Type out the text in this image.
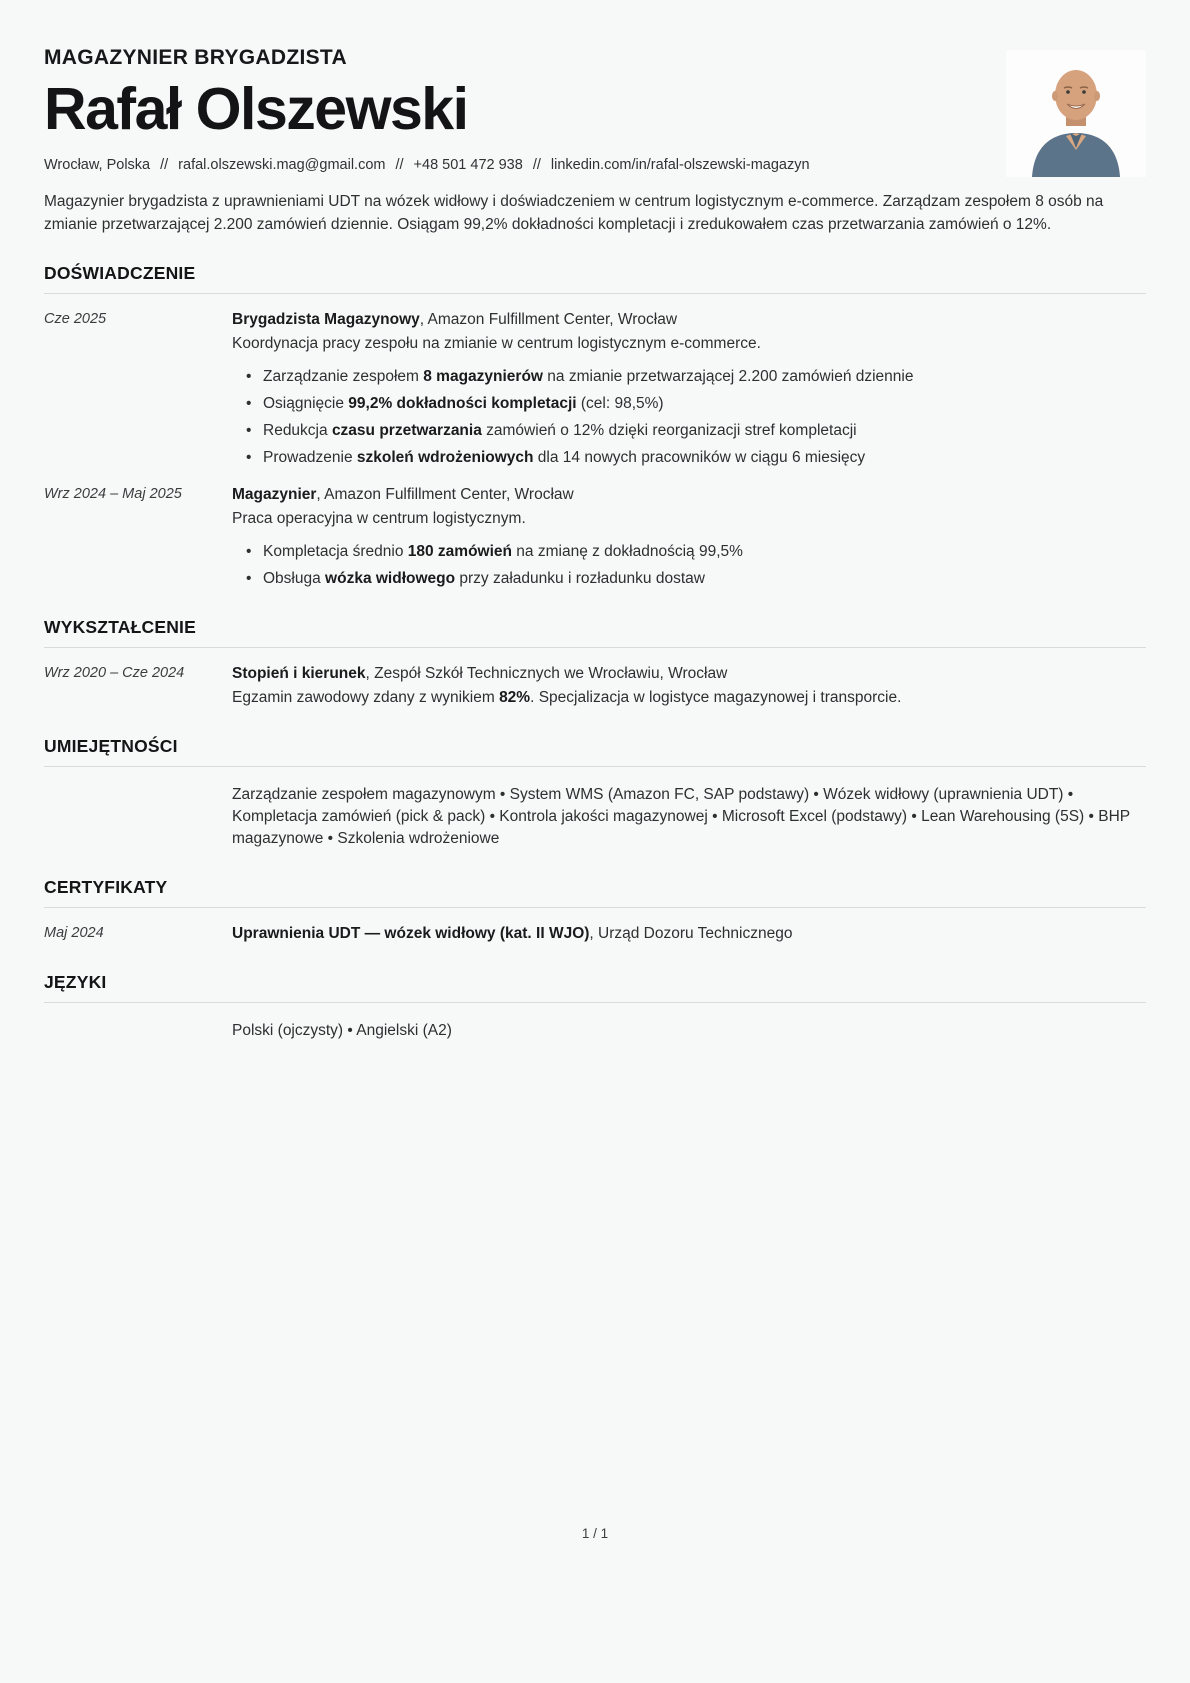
MAGAZYNIER BRYGADZISTA
Rafał Olszewski
Wrocław, Polska // rafal.olszewski.mag@gmail.com // +48 501 472 938 // linkedin.com/in/rafal-olszewski-magazyn

Magazynier brygadzista z uprawnieniami UDT na wózek widłowy i doświadczeniem w centrum logistycznym e-commerce. Zarządzam zespołem 8 osób na zmianie przetwarzającej 2.200 zamówień dziennie. Osiągam 99,2% dokładności kompletacji i zredukowałem czas przetwarzania zamówień o 12%.

DOŚWIADCZENIE
Cze 2025	Brygadzista Magazynowy, Amazon Fulfillment Center, Wrocław

Koordynacja pracy zespołu na zmianie w centrum logistycznym e-commerce.

• Zarządzanie zespołem 8 magazynierów na zmianie przetwarzającej 2.200 zamówień dziennie
• Osiągnięcie 99,2% dokładności kompletacji (cel: 98,5%)
• Redukcja czasu przetwarzania zamówień o 12% dzięki reorganizacji stref kompletacji
• Prowadzenie szkoleń wdrożeniowych dla 14 nowych pracowników w ciągu 6 miesięcy
Wrz 2024 – Maj 2025	Magazynier, Amazon Fulfillment Center, Wrocław

Praca operacyjna w centrum logistycznym.

• Kompletacja średnio 180 zamówień na zmianę z dokładnością 99,5%
• Obsługa wózka widłowego przy załadunku i rozładunku dostaw
WYKSZTAŁCENIE
Wrz 2020 – Cze 2024	Stopień i kierunek, Zespół Szkół Technicznych we Wrocławiu, Wrocław

Egzamin zawodowy zdany z wynikiem 82%. Specjalizacja w logistyce magazynowej i transporcie.

UMIEJĘTNOŚCI

Zarządzanie zespołem magazynowym • System WMS (Amazon FC, SAP podstawy) • Wózek widłowy (uprawnienia UDT) • Kompletacja zamówień (pick & pack) • Kontrola jakości magazynowej • Microsoft Excel (podstawy) • Lean Warehousing (5S) • BHP magazynowe • Szkolenia wdrożeniowe

CERTYFIKATY
Maj 2024	Uprawnienia UDT — wózek widłowy (kat. II WJO), Urząd Dozoru Technicznego

JĘZYKI

Polski (ojczysty) • Angielski (A2)

1 / 1
